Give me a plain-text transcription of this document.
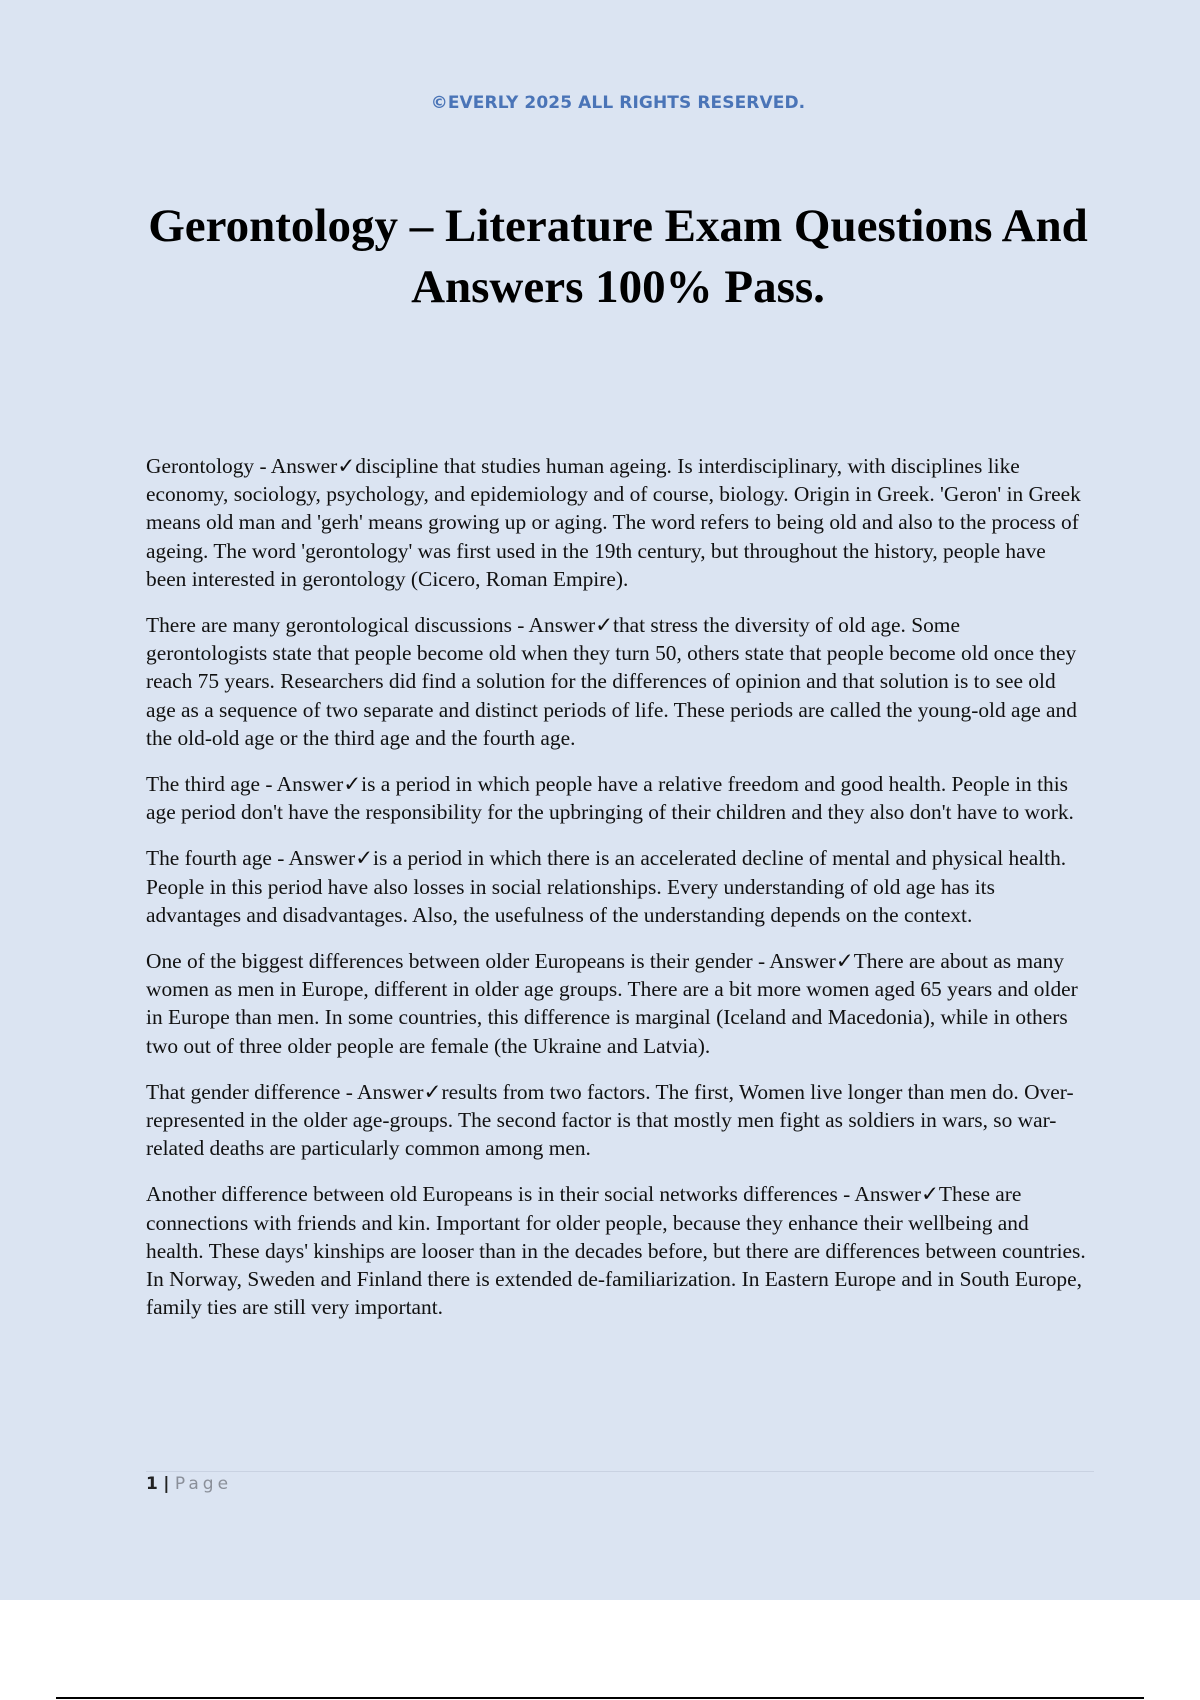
©EVERLY 2025 ALL RIGHTS RESERVED.
Gerontology – Literature Exam Questions And Answers 100% Pass.

Gerontology - Answer✓discipline that studies human ageing. Is interdisciplinary, with disciplines like economy, sociology, psychology, and epidemiology and of course, biology. Origin in Greek. 'Geron' in Greek means old man and 'gerh' means growing up or aging. The word refers to being old and also to the process of ageing. The word 'gerontology' was first used in the 19th century, but throughout the history, people have been interested in gerontology (Cicero, Roman Empire).

There are many gerontological discussions - Answer✓that stress the diversity of old age. Some gerontologists state that people become old when they turn 50, others state that people become old once they reach 75 years. Researchers did find a solution for the differences of opinion and that solution is to see old age as a sequence of two separate and distinct periods of life. These periods are called the young-old age and the old-old age or the third age and the fourth age.

The third age - Answer✓is a period in which people have a relative freedom and good health. People in this age period don't have the responsibility for the upbringing of their children and they also don't have to work.

The fourth age - Answer✓is a period in which there is an accelerated decline of mental and physical health. People in this period have also losses in social relationships. Every understanding of old age has its advantages and disadvantages. Also, the usefulness of the understanding depends on the context.

One of the biggest differences between older Europeans is their gender - Answer✓There are about as many women as men in Europe, different in older age groups. There are a bit more women aged 65 years and older in Europe than men. In some countries, this difference is marginal (Iceland and Macedonia), while in others two out of three older people are female (the Ukraine and Latvia).

That gender difference - Answer✓results from two factors. The first, Women live longer than men do. Over-represented in the older age-groups. The second factor is that mostly men fight as soldiers in wars, so war-related deaths are particularly common among men.

Another difference between old Europeans is in their social networks differences - Answer✓These are connections with friends and kin. Important for older people, because they enhance their wellbeing and health. These days' kinships are looser than in the decades before, but there are differences between countries. In Norway, Sweden and Finland there is extended de-familiarization. In Eastern Europe and in South Europe, family ties are still very important.

1 | Page
